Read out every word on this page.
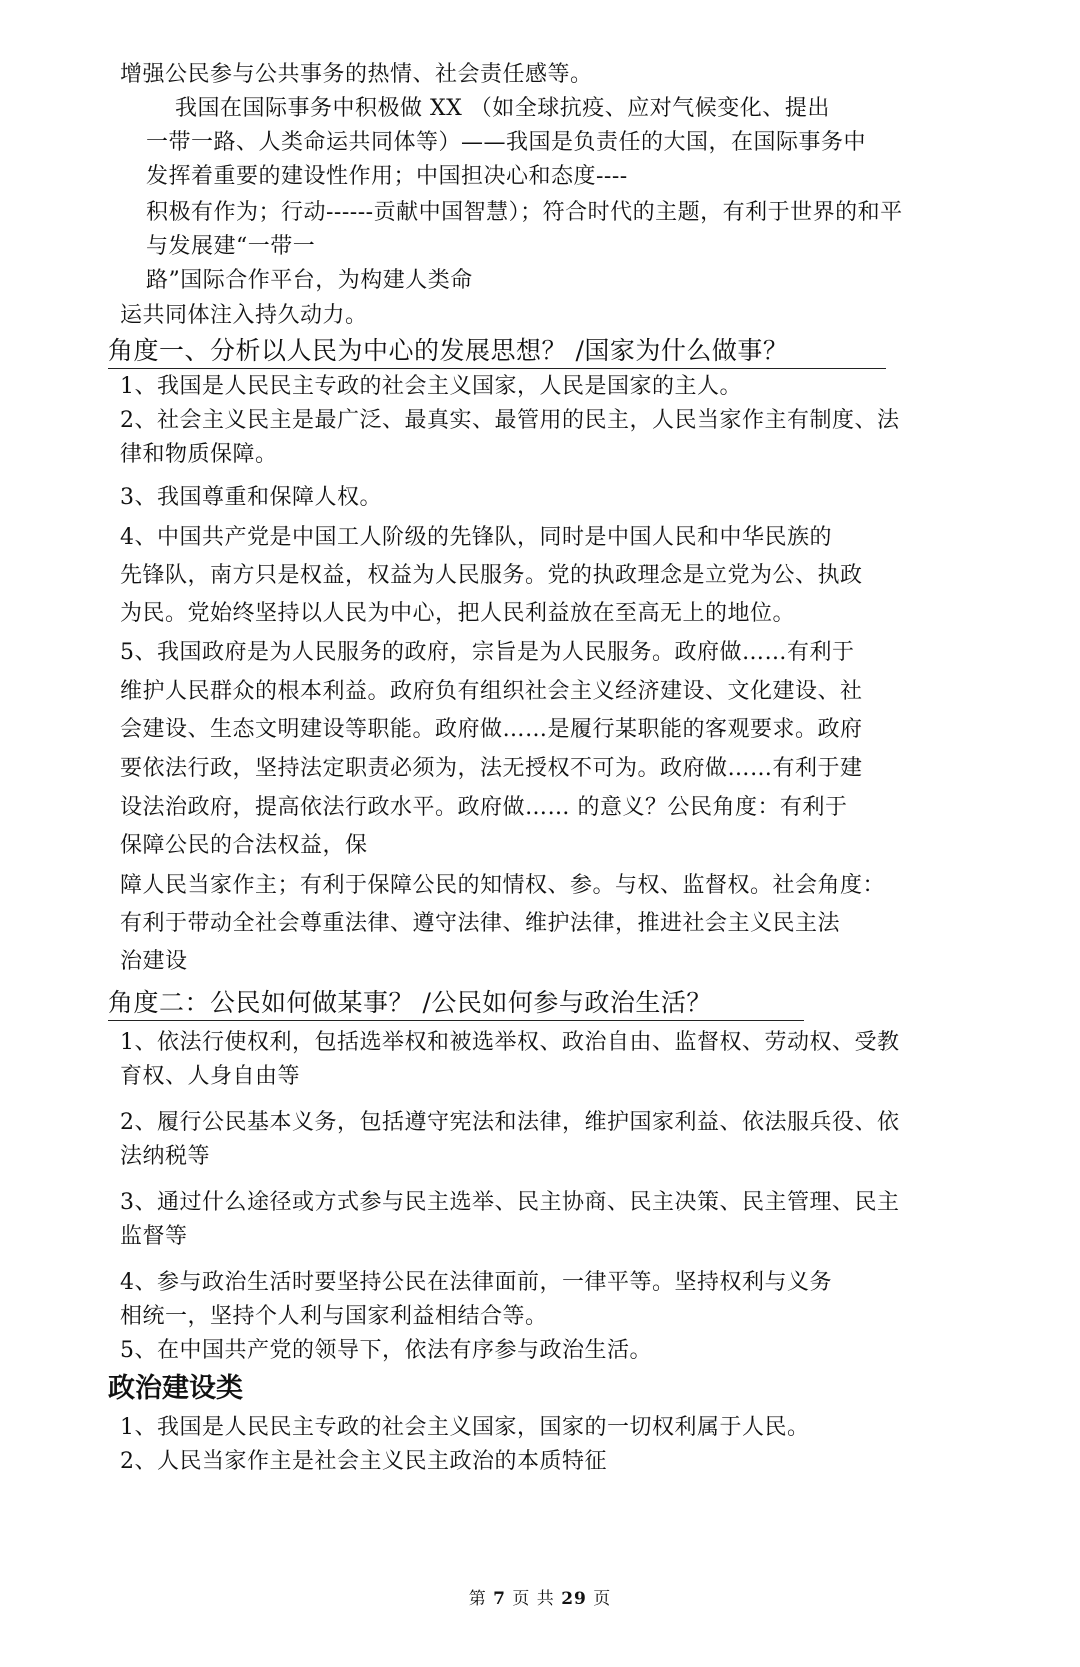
增强公民参与公共事务的热情、社会责任感等。
我国在国际事务中积极做 XX （如全球抗疫、应对气候变化、提出
一带一路、人类命运共同体等）——我国是负责任的大国，在国际事务中
发挥着重要的建设性作用；中国担决心和态度----
积极有作为；行动------贡献中国智慧）；符合时代的主题，有利于世界的和平
与发展建“一带一
路”国际合作平台，为构建人类命
运共同体注入持久动力。
角度一、分析以人民为中心的发展思想？ /国家为什么做事？
1、我国是人民民主专政的社会主义国家，人民是国家的主人。
2、社会主义民主是最广泛、最真实、最管用的民主，人民当家作主有制度、法
律和物质保障。
3、我国尊重和保障人权。
4、中国共产党是中国工人阶级的先锋队，同时是中国人民和中华民族的
先锋队，南方只是权益，权益为人民服务。党的执政理念是立党为公、执政
为民。党始终坚持以人民为中心，把人民利益放在至高无上的地位。
5、我国政府是为人民服务的政府，宗旨是为人民服务。政府做……有利于
维护人民群众的根本利益。政府负有组织社会主义经济建设、文化建设、社
会建设、生态文明建设等职能。政府做……是履行某职能的客观要求。政府
要依法行政，坚持法定职责必须为，法无授权不可为。政府做……有利于建
设法治政府，提高依法行政水平。政府做…… 的意义？公民角度：有利于
保障公民的合法权益，保
障人民当家作主；有利于保障公民的知情权、参。与权、监督权。社会角度：
有利于带动全社会尊重法律、遵守法律、维护法律，推进社会主义民主法
治建设
角度二：公民如何做某事？ /公民如何参与政治生活？
1、依法行使权利，包括选举权和被选举权、政治自由、监督权、劳动权、受教
育权、人身自由等
2、履行公民基本义务，包括遵守宪法和法律，维护国家利益、依法服兵役、依
法纳税等
3、通过什么途径或方式参与民主选举、民主协商、民主决策、民主管理、民主
监督等
4、参与政治生活时要坚持公民在法律面前，一律平等。坚持权利与义务
相统一，坚持个人利与国家利益相结合等。
5、在中国共产党的领导下，依法有序参与政治生活。
政治建设类
1、我国是人民民主专政的社会主义国家，国家的一切权利属于人民。
2、人民当家作主是社会主义民主政治的本质特征
第 7 页 共 29 页
